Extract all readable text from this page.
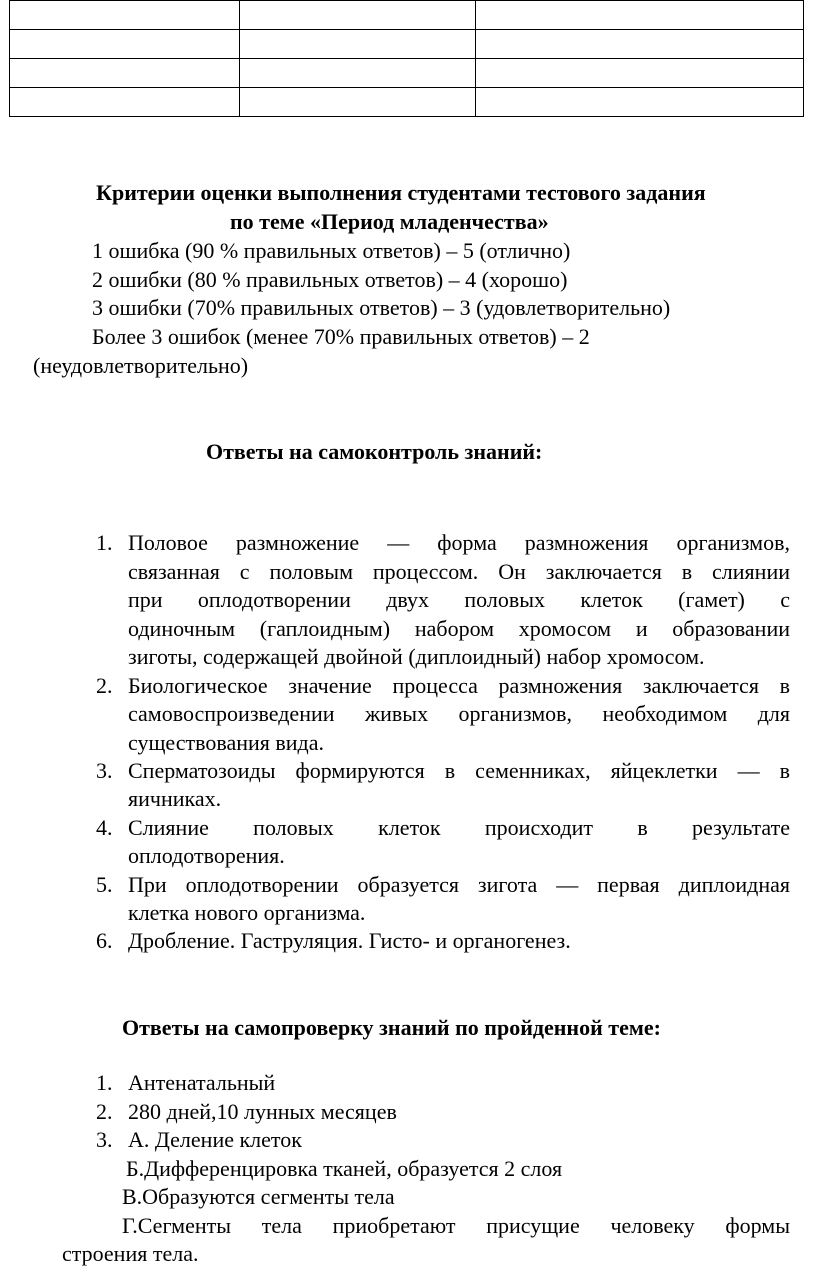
Критерии оценки выполнения студентами тестового задания
по теме «Период младенчества»
1 ошибка (90 % правильных ответов) – 5 (отлично)
2 ошибки (80 % правильных ответов) – 4 (хорошо)
3 ошибки (70% правильных ответов) – 3 (удовлетворительно)
Более 3 ошибок (менее 70% правильных ответов) – 2
(неудовлетворительно)
Ответы на самоконтроль знаний:
1. Половое размножение — форма размножения организмов,
связанная с половым процессом. Он заключается в слиянии
при оплодотворении двух половых клеток (гамет) с
одиночным (гаплоидным) набором хромосом и образовании
зиготы, содержащей двойной (диплоидный) набор хромосом.
2. Биологическое значение процесса размножения заключается в
самовоспроизведении живых организмов, необходимом для
существования вида.
3. Сперматозоиды формируются в семенниках, яйцеклетки — в
яичниках.
4. Слияние половых клеток происходит в результате
оплодотворения.
5. При оплодотворении образуется зигота — первая диплоидная
клетка нового организма.
6. Дробление. Гаструляция. Гисто- и органогенез.
Ответы на самопроверку знаний по пройденной теме:
1. Антенатальный
2. 280 дней,10 лунных месяцев
3. А. Деление клеток
Б.Дифференцировка тканей, образуется 2 слоя
В.Образуются сегменты тела
Г.Сегменты тела приобретают присущие человеку формы
строения тела.
